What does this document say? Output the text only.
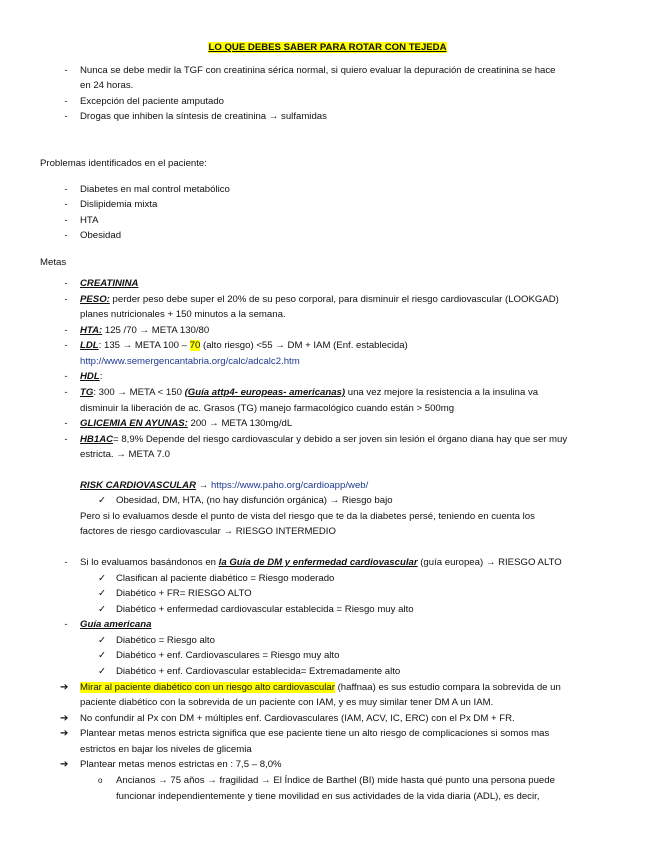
LO QUE DEBES SABER PARA ROTAR CON TEJEDA
-	Nunca se debe medir la TGF con creatinina sérica normal, si quiero evaluar la depuración de creatinina se hace
en 24 horas.
-	Excepción del paciente amputado
-	Drogas que inhiben la síntesis de creatinina → sulfamidas
Problemas identificados en el paciente:
-	Diabetes en mal control metabólico
-	Dislipidemia mixta
-	HTA
-	Obesidad
Metas
-	CREATININA
-	PESO: perder peso debe super el 20% de su peso corporal, para disminuir el riesgo cardiovascular (LOOKGAD)
planes nutricionales + 150 minutos a la semana.
-	HTA: 125 /70 → META 130/80
-	LDL: 135 → META 100 – 70 (alto riesgo) <55 → DM + IAM (Enf. establecida)
http://www.semergencantabria.org/calc/adcalc2.htm
-	HDL:
-	TG: 300 → META < 150 (Guía attp4- europeas- americanas) una vez mejore la resistencia a la insulina va
disminuir la liberación de ac. Grasos (TG) manejo farmacológico cuando están > 500mg
-	GLICEMIA EN AYUNAS: 200 → META 130mg/dL
-	HB1AC= 8,9% Depende del riesgo cardiovascular y debido a ser joven sin lesión el órgano diana hay que ser muy
estricta. → META 7.0
RISK CARDIOVASCULAR → https://www.paho.org/cardioapp/web/
✓ Obesidad, DM, HTA, (no hay disfunción orgánica) → Riesgo bajo
Pero si lo evaluamos desde el punto de vista del riesgo que te da la diabetes persé, teniendo en cuenta los
factores de riesgo cardiovascular → RIESGO INTERMEDIO
-	Si lo evaluamos basándonos en la Guía de DM y enfermedad cardiovascular (guía europea) → RIESGO ALTO
✓ Clasifican al paciente diabético = Riesgo moderado
✓ Diabético + FR= RIESGO ALTO
✓ Diabético + enfermedad cardiovascular establecida = Riesgo muy alto
-	Guía americana
✓ Diabético = Riesgo alto
✓ Diabético + enf. Cardiovasculares = Riesgo muy alto
✓ Diabético + enf. Cardiovascular establecida= Extremadamente alto
➔ Mirar al paciente diabético con un riesgo alto cardiovascular (haffnaa) es sus estudio compara la sobrevida de un
paciente diabético con la sobrevida de un paciente con IAM, y es muy similar tener DM A un IAM.
➔ No confundir al Px con DM + múltiples enf. Cardiovasculares (IAM, ACV, IC, ERC) con el Px DM + FR.
➔ Plantear metas menos estricta significa que ese paciente tiene un alto riesgo de complicaciones si somos mas
estrictos en bajar los niveles de glicemia
➔ Plantear metas menos estrictas en : 7,5 – 8,0%
o Ancianos → 75 años → fragilidad → El Índice de Barthel (BI) mide hasta qué punto una persona puede
funcionar independientemente y tiene movilidad en sus actividades de la vida diaria (ADL), es decir,
